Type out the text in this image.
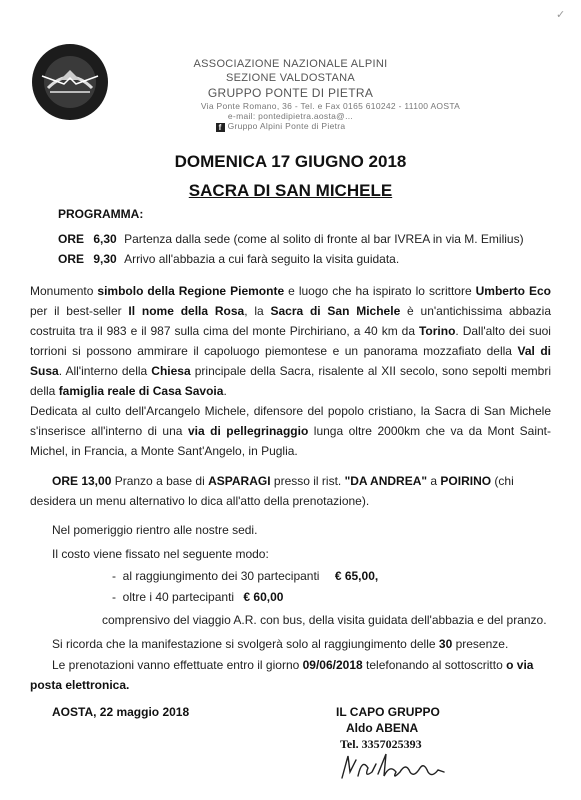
✓
ASSOCIAZIONE NAZIONALE ALPINI
SEZIONE VALDOSTANA
GRUPPO PONTE DI PIETRA
Via Ponte Romano, 36 - Tel. e Fax 0165 610242 - 11100 AOSTA
e-mail: pontedipietra.aosta@...
f Gruppo Alpini Ponte di Pietra
DOMENICA 17 GIUGNO 2018
SACRA DI SAN MICHELE
PROGRAMMA:
ORE 6,30 Partenza dalla sede (come al solito di fronte al bar IVREA in via M. Emilius)
ORE 9,30 Arrivo all'abbazia a cui farà seguito la visita guidata.
Monumento simbolo della Regione Piemonte e luogo che ha ispirato lo scrittore Umberto Eco per il best-seller Il nome della Rosa, la Sacra di San Michele è un'antichissima abbazia costruita tra il 983 e il 987 sulla cima del monte Pirchiriano, a 40 km da Torino. Dall'alto dei suoi torrioni si possono ammirare il capoluogo piemontese e un panorama mozzafiato della Val di Susa. All'interno della Chiesa principale della Sacra, risalente al XII secolo, sono sepolti membri della famiglia reale di Casa Savoia.
Dedicata al culto dell'Arcangelo Michele, difensore del popolo cristiano, la Sacra di San Michele s'inserisce all'interno di una via di pellegrinaggio lunga oltre 2000km che va da Mont Saint-Michel, in Francia, a Monte Sant'Angelo, in Puglia.
ORE 13,00 Pranzo a base di ASPARAGI presso il rist. "DA ANDREA" a POIRINO (chi desidera un menu alternativo lo dica all'atto della prenotazione).
Nel pomeriggio rientro alle nostre sedi.
Il costo viene fissato nel seguente modo:
-  al raggiungimento dei 30 partecipanti € 65,00,
-  oltre i 40 partecipanti € 60,00
comprensivo del viaggio A.R. con bus, della visita guidata dell'abbazia e del pranzo.
Si ricorda che la manifestazione si svolgerà solo al raggiungimento delle 30 presenze.
Le prenotazioni vanno effettuate entro il giorno 09/06/2018 telefonando al sottoscritto o via posta elettronica.
AOSTA, 22 maggio 2018	IL CAPO GRUPPO
Aldo ABENA
Tel. 3357025393
